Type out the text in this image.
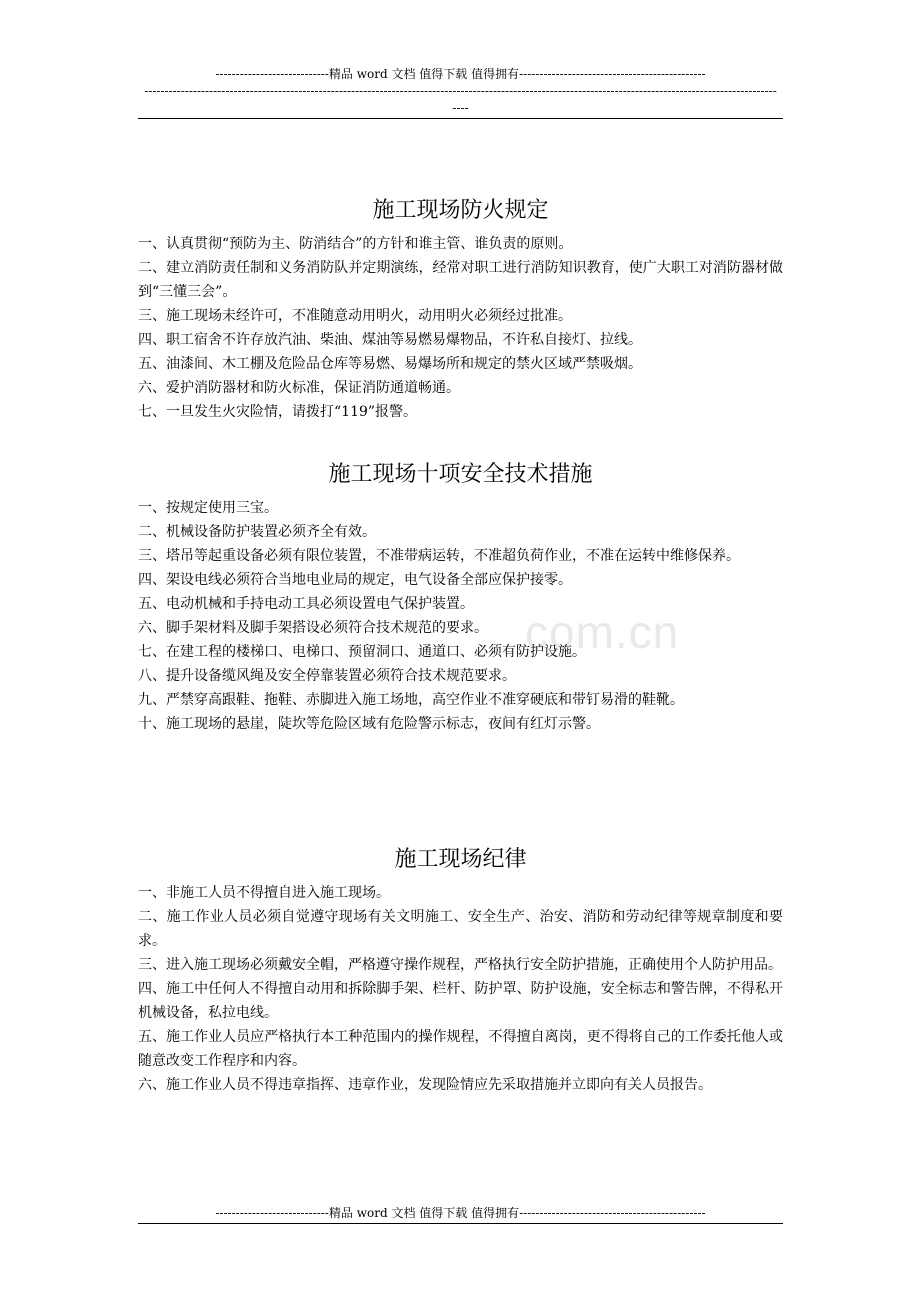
----------------------------精品 word 文档 值得下载 值得拥有----------------------------------------------
------------------------------------------------------------------------------------------------------------------------------------------------------------
----
com.cn
施工现场防火规定

一、认真贯彻“预防为主、防消结合”的方针和谁主管、谁负责的原则。

二、建立消防责任制和义务消防队并定期演练，经常对职工进行消防知识教育，使广大职工对消防器材做到“三懂三会”。

三、施工现场未经许可，不准随意动用明火，动用明火必须经过批准。

四、职工宿舍不许存放汽油、柴油、煤油等易燃易爆物品，不许私自接灯、拉线。

五、油漆间、木工棚及危险品仓库等易燃、易爆场所和规定的禁火区域严禁吸烟。

六、爱护消防器材和防火标准，保证消防通道畅通。

七、一旦发生火灾险情，请拨打“119”报警。

施工现场十项安全技术措施

一、按规定使用三宝。

二、机械设备防护装置必须齐全有效。

三、塔吊等起重设备必须有限位装置，不准带病运转，不准超负荷作业，不准在运转中维修保养。

四、架设电线必须符合当地电业局的规定，电气设备全部应保护接零。

五、电动机械和手持电动工具必须设置电气保护装置。

六、脚手架材料及脚手架搭设必须符合技术规范的要求。

七、在建工程的楼梯口、电梯口、预留洞口、通道口、必须有防护设施。

八、提升设备缆风绳及安全停靠装置必须符合技术规范要求。

九、严禁穿高跟鞋、拖鞋、赤脚进入施工场地，高空作业不准穿硬底和带钉易滑的鞋靴。

十、施工现场的悬崖，陡坎等危险区域有危险警示标志，夜间有红灯示警。

施工现场纪律

一、非施工人员不得擅自进入施工现场。

二、施工作业人员必须自觉遵守现场有关文明施工、安全生产、治安、消防和劳动纪律等规章制度和要求。

三、进入施工现场必须戴安全帽，严格遵守操作规程，严格执行安全防护措施，正确使用个人防护用品。

四、施工中任何人不得擅自动用和拆除脚手架、栏杆、防护罩、防护设施，安全标志和警告牌，不得私开机械设备，私拉电线。

五、施工作业人员应严格执行本工种范围内的操作规程，不得擅自离岗，更不得将自己的工作委托他人或随意改变工作程序和内容。

六、施工作业人员不得违章指挥、违章作业，发现险情应先采取措施并立即向有关人员报告。

----------------------------精品 word 文档 值得下载 值得拥有----------------------------------------------
